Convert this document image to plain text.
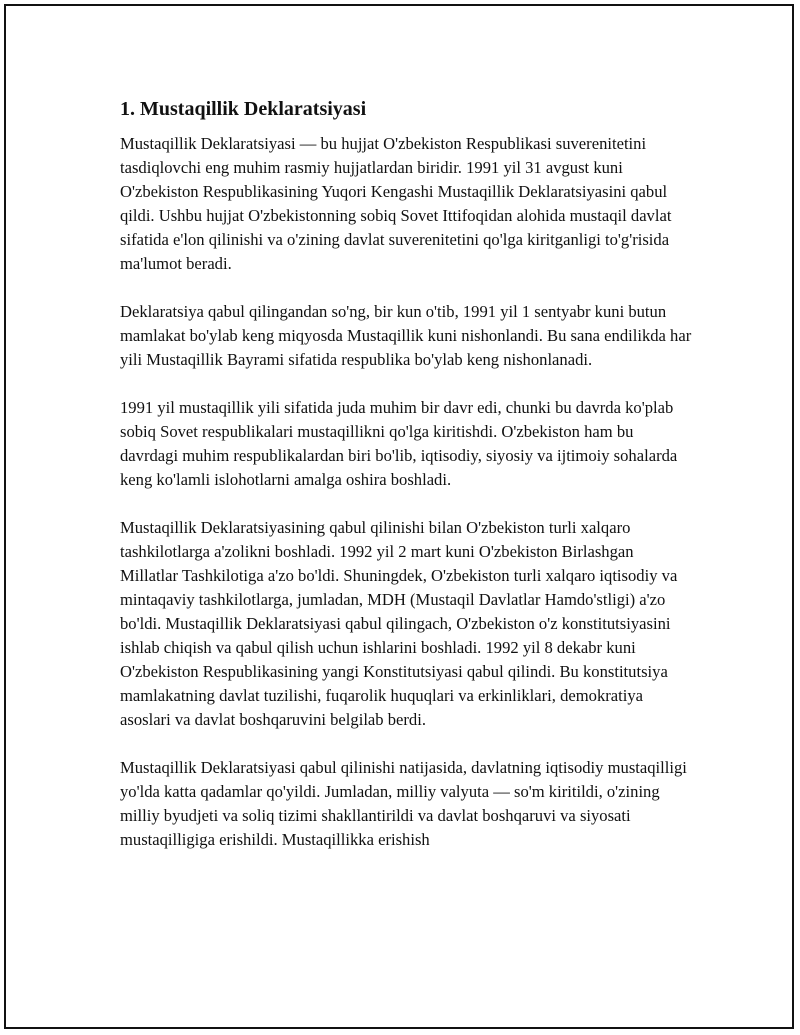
1. Mustaqillik Deklaratsiyasi

Mustaqillik Deklaratsiyasi — bu hujjat O'zbekiston Respublikasi suverenitetini tasdiqlovchi eng muhim rasmiy hujjatlardan biridir. 1991 yil 31 avgust kuni O'zbekiston Respublikasining Yuqori Kengashi Mustaqillik Deklaratsiyasini qabul qildi. Ushbu hujjat O'zbekistonning sobiq Sovet Ittifoqidan alohida mustaqil davlat sifatida e'lon qilinishi va o'zining davlat suverenitetini qo'lga kiritganligi to'g'risida ma'lumot beradi.

Deklaratsiya qabul qilingandan so'ng, bir kun o'tib, 1991 yil 1 sentyabr kuni butun mamlakat bo'ylab keng miqyosda Mustaqillik kuni nishonlandi. Bu sana endilikda har yili Mustaqillik Bayrami sifatida respublika bo'ylab keng nishonlanadi.

1991 yil mustaqillik yili sifatida juda muhim bir davr edi, chunki bu davrda ko'plab sobiq Sovet respublikalari mustaqillikni qo'lga kiritishdi. O'zbekiston ham bu davrdagi muhim respublikalardan biri bo'lib, iqtisodiy, siyosiy va ijtimoiy sohalarda keng ko'lamli islohotlarni amalga oshira boshladi.

Mustaqillik Deklaratsiyasining qabul qilinishi bilan O'zbekiston turli xalqaro tashkilotlarga a'zolikni boshladi. 1992 yil 2 mart kuni O'zbekiston Birlashgan Millatlar Tashkilotiga a'zo bo'ldi. Shuningdek, O'zbekiston turli xalqaro iqtisodiy va mintaqaviy tashkilotlarga, jumladan, MDH (Mustaqil Davlatlar Hamdo'stligi) a'zo bo'ldi. Mustaqillik Deklaratsiyasi qabul qilingach, O'zbekiston o'z konstitutsiyasini ishlab chiqish va qabul qilish uchun ishlarini boshladi. 1992 yil 8 dekabr kuni O'zbekiston Respublikasining yangi Konstitutsiyasi qabul qilindi. Bu konstitutsiya mamlakatning davlat tuzilishi, fuqarolik huquqlari va erkinliklari, demokratiya asoslari va davlat boshqaruvini belgilab berdi.

Mustaqillik Deklaratsiyasi qabul qilinishi natijasida, davlatning iqtisodiy mustaqilligi yo'lda katta qadamlar qo'yildi. Jumladan, milliy valyuta — so'm kiritildi, o'zining milliy byudjeti va soliq tizimi shakllantirildi va davlat boshqaruvi va siyosati mustaqilligiga erishildi. Mustaqillikka erishish
